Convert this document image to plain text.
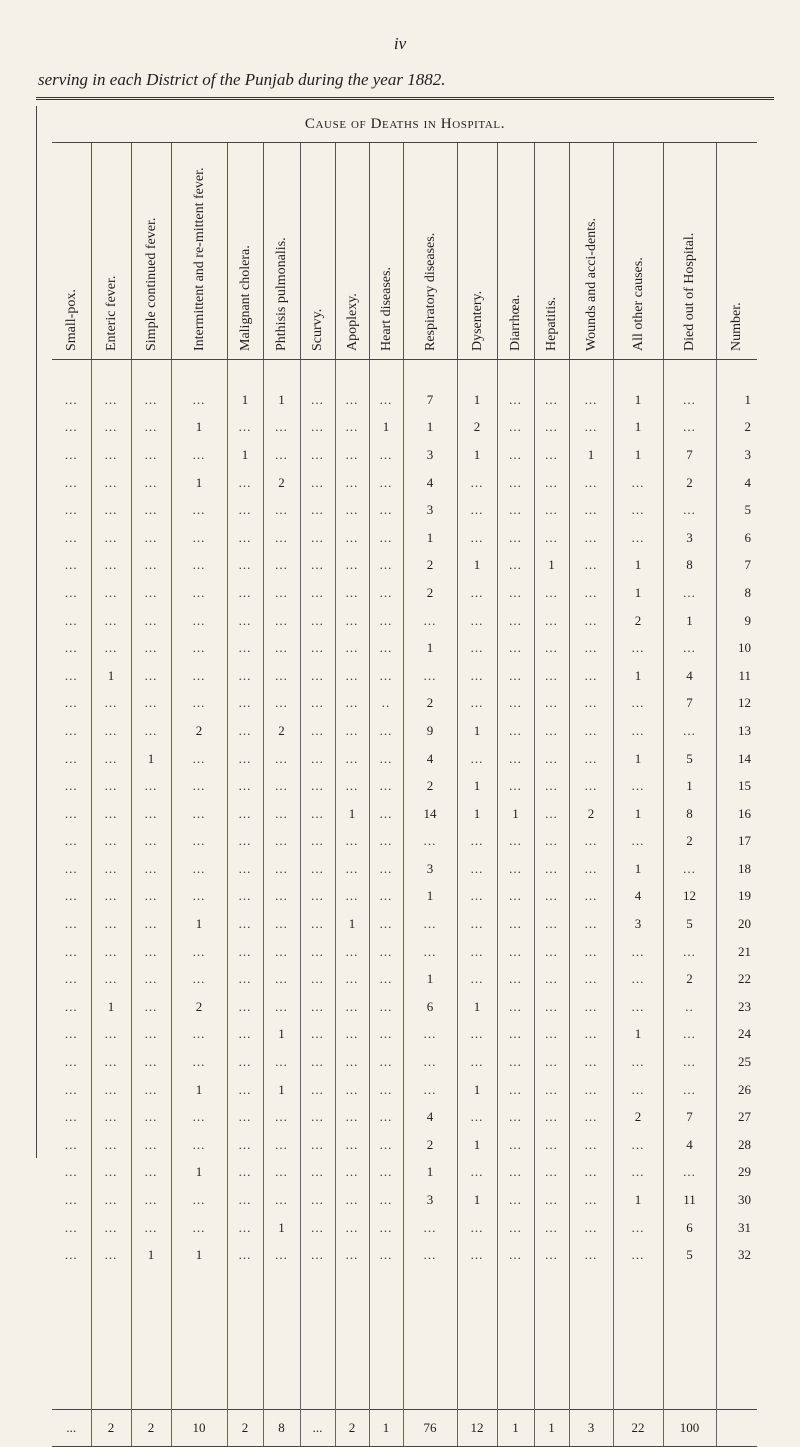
iv
serving in each District of the Punjab during the year 1882.
Cause of Deaths in Hospital.
Small-pox.	Enteric fever.	Simple continued fever.	Intermittent and re-mittent fever.	Malignant cholera.	Phthisis pulmonalis.	Scurvy.	Apoplexy.	Heart diseases.	Respiratory diseases.	Dysentery.	Diarrhœa.	Hepatitis.	Wounds and acci-dents.	All other causes.	Died out of Hospital.	Number.

...	...	...	...	1	1	...	...	...	7	1	...	...	...	1	...	1
...	...	...	1	...	...	...	...	1	1	2	...	...	...	1	...	2
...	...	...	...	1	...	...	...	...	3	1	...	...	1	1	7	3
...	...	...	1	...	2	...	...	...	4	...	...	...	...	...	2	4
...	...	...	...	...	...	...	...	...	3	...	...	...	...	...	...	5
...	...	...	...	...	...	...	...	...	1	...	...	...	...	...	3	6
...	...	...	...	...	...	...	...	...	2	1	...	1	...	1	8	7
...	...	...	...	...	...	...	...	...	2	...	...	...	...	1	...	8
...	...	...	...	...	...	...	...	...	...	...	...	...	...	2	1	9
...	...	...	...	...	...	...	...	...	1	...	...	...	...	...	...	10
...	1	...	...	...	...	...	...	...	...	...	...	...	...	1	4	11
...	...	...	...	...	...	...	...	..	2	...	...	...	...	...	7	12
...	...	...	2	...	2	...	...	...	9	1	...	...	...	...	...	13
...	...	1	...	...	...	...	...	...	4	...	...	...	...	1	5	14
...	...	...	...	...	...	...	...	...	2	1	...	...	...	...	1	15
...	...	...	...	...	...	...	1	...	14	1	1	...	2	1	8	16
...	...	...	...	...	...	...	...	...	...	...	...	...	...	...	2	17
...	...	...	...	...	...	...	...	...	3	...	...	...	...	1	...	18
...	...	...	...	...	...	...	...	...	1	...	...	...	...	4	12	19
...	...	...	1	...	...	...	1	...	...	...	...	...	...	3	5	20
...	...	...	...	...	...	...	...	...	...	...	...	...	...	...	...	21
...	...	...	...	...	...	...	...	...	1	...	...	...	...	...	2	22
...	1	...	2	...	...	...	...	...	6	1	...	...	...	...	..	23
...	...	...	...	...	1	...	...	...	...	...	...	...	...	1	...	24
...	...	...	...	...	...	...	...	...	...	...	...	...	...	...	...	25
...	...	...	1	...	1	...	...	...	...	1	...	...	...	...	...	26
...	...	...	...	...	...	...	...	...	4	...	...	...	...	2	7	27
...	...	...	...	...	...	...	...	...	2	1	...	...	...	...	4	28
...	...	...	1	...	...	...	...	...	1	...	...	...	...	...	...	29
...	...	...	...	...	...	...	...	...	3	1	...	...	...	1	11	30
...	...	...	...	...	1	...	...	...	...	...	...	...	...	...	6	31
...	...	1	1	...	...	...	...	...	...	...	...	...	...	...	5	32

...	2	2	10	2	8	...	2	1	76	12	1	1	3	22	100	
